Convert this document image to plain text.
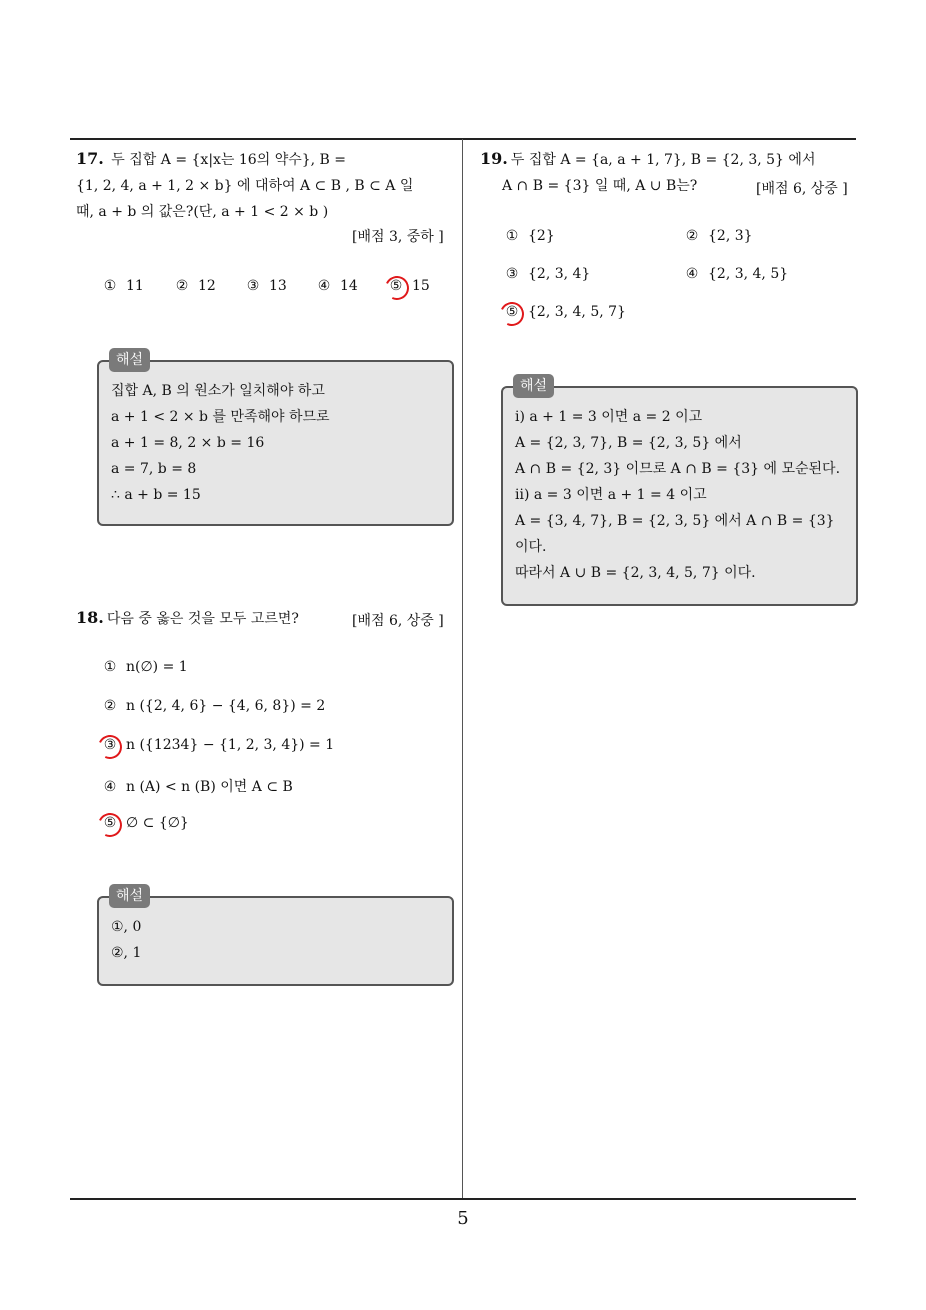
5
17. 두 집합 A = {x|x는 16의 약수}, B =
{1, 2, 4, a + 1, 2 × b} 에 대하여 A ⊂ B , B ⊂ A 일
때, a + b 의 값은?(단, a + 1 < 2 × b )
[배점 3, 중하 ]
① 11 ② 12 ③ 13 ④ 14 ⑤ 15
해설
집합 A, B 의 원소가 일치해야 하고
a + 1 < 2 × b 를 만족해야 하므로
a + 1 = 8, 2 × b = 16
a = 7, b = 8
∴ a + b = 15
18. 다음 중 옳은 것을 모두 고르면?	[배점 6, 상중 ]
① n(∅) = 1
② n ({2, 4, 6} − {4, 6, 8}) = 2
③ n ({1234} − {1, 2, 3, 4}) = 1
④ n (A) < n (B) 이면 A ⊂ B
⑤ ∅ ⊂ {∅}
해설
①, 0
②, 1
19. 두 집합 A = {a, a + 1, 7}, B = {2, 3, 5} 에서
A ∩ B = {3} 일 때, A ∪ B는?	[배점 6, 상중 ]
① {2}	② {2, 3}
③ {2, 3, 4}	④ {2, 3, 4, 5}
⑤ {2, 3, 4, 5, 7}
해설
ⅰ) a + 1 = 3 이면 a = 2 이고
A = {2, 3, 7}, B = {2, 3, 5} 에서
A ∩ B = {2, 3} 이므로 A ∩ B = {3} 에 모순된다.
ⅱ) a = 3 이면 a + 1 = 4 이고
A = {3, 4, 7}, B = {2, 3, 5} 에서 A ∩ B = {3}
이다.
따라서 A ∪ B = {2, 3, 4, 5, 7} 이다.
